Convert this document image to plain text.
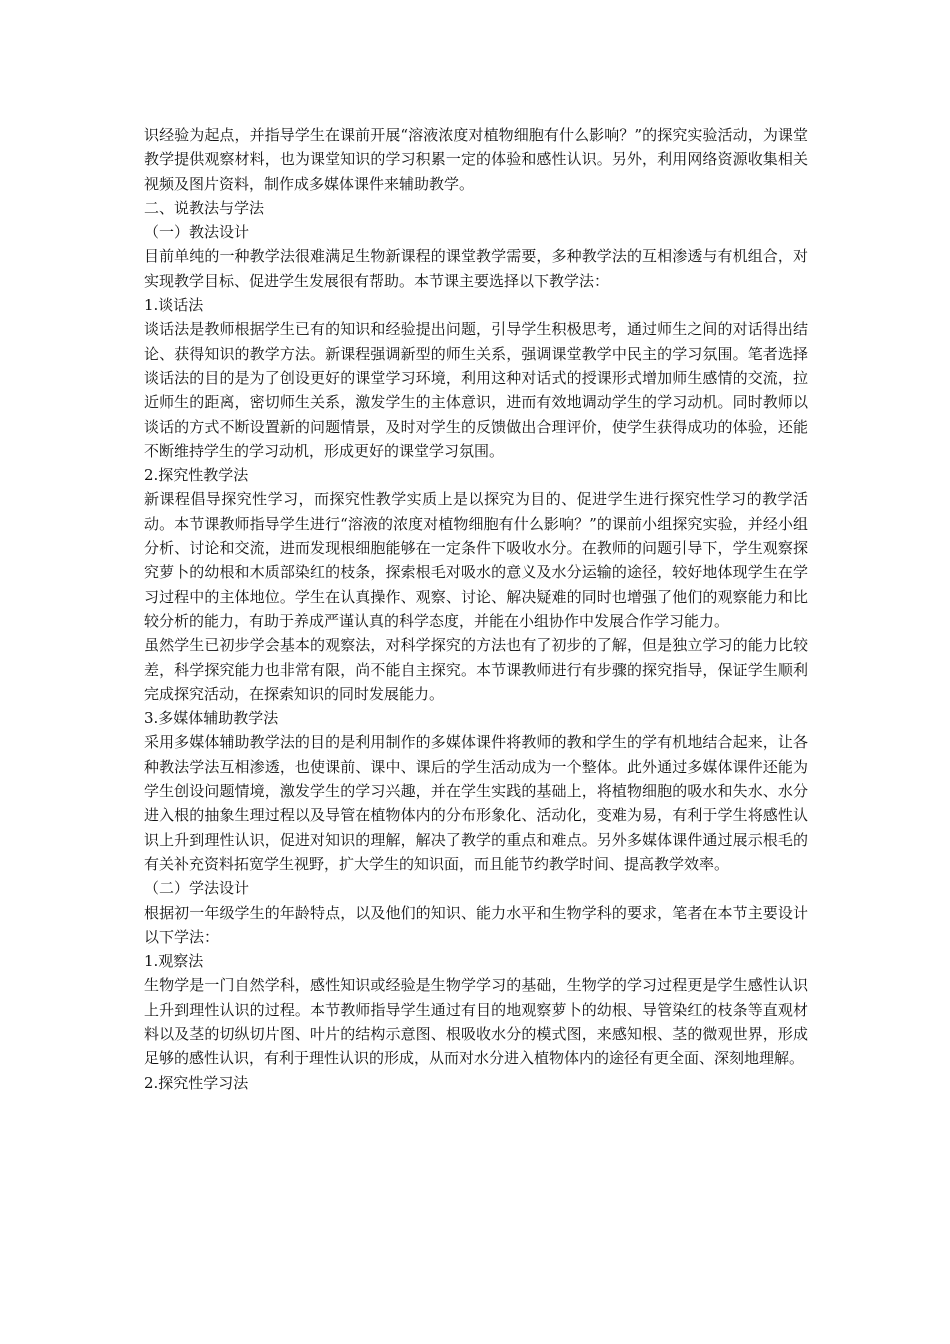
识经验为起点，并指导学生在课前开展“溶液浓度对植物细胞有什么影响？”的探究实验活动，为课堂教学提供观察材料，也为课堂知识的学习积累一定的体验和感性认识。另外，利用网络资源收集相关视频及图片资料，制作成多媒体课件来辅助教学。

二、说教法与学法

（一）教法设计

目前单纯的一种教学法很难满足生物新课程的课堂教学需要，多种教学法的互相渗透与有机组合，对实现教学目标、促进学生发展很有帮助。本节课主要选择以下教学法：

1.谈话法

谈话法是教师根据学生已有的知识和经验提出问题，引导学生积极思考，通过师生之间的对话得出结论、获得知识的教学方法。新课程强调新型的师生关系，强调课堂教学中民主的学习氛围。笔者选择谈话法的目的是为了创设更好的课堂学习环境，利用这种对话式的授课形式增加师生感情的交流，拉近师生的距离，密切师生关系，激发学生的主体意识，进而有效地调动学生的学习动机。同时教师以谈话的方式不断设置新的问题情景，及时对学生的反馈做出合理评价，使学生获得成功的体验，还能不断维持学生的学习动机，形成更好的课堂学习氛围。

2.探究性教学法

新课程倡导探究性学习，而探究性教学实质上是以探究为目的、促进学生进行探究性学习的教学活动。本节课教师指导学生进行“溶液的浓度对植物细胞有什么影响？”的课前小组探究实验，并经小组分析、讨论和交流，进而发现根细胞能够在一定条件下吸收水分。在教师的问题引导下，学生观察探究萝卜的幼根和木质部染红的枝条，探索根毛对吸水的意义及水分运输的途径，较好地体现学生在学习过程中的主体地位。学生在认真操作、观察、讨论、解决疑难的同时也增强了他们的观察能力和比较分析的能力，有助于养成严谨认真的科学态度，并能在小组协作中发展合作学习能力。

虽然学生已初步学会基本的观察法，对科学探究的方法也有了初步的了解，但是独立学习的能力比较差，科学探究能力也非常有限，尚不能自主探究。本节课教师进行有步骤的探究指导，保证学生顺利完成探究活动，在探索知识的同时发展能力。

3.多媒体辅助教学法

采用多媒体辅助教学法的目的是利用制作的多媒体课件将教师的教和学生的学有机地结合起来，让各种教法学法互相渗透，也使课前、课中、课后的学生活动成为一个整体。此外通过多媒体课件还能为学生创设问题情境，激发学生的学习兴趣，并在学生实践的基础上，将植物细胞的吸水和失水、水分进入根的抽象生理过程以及导管在植物体内的分布形象化、活动化，变难为易，有利于学生将感性认识上升到理性认识，促进对知识的理解，解决了教学的重点和难点。另外多媒体课件通过展示根毛的有关补充资料拓宽学生视野，扩大学生的知识面，而且能节约教学时间、提高教学效率。

（二）学法设计

根据初一年级学生的年龄特点，以及他们的知识、能力水平和生物学科的要求，笔者在本节主要设计以下学法：

1.观察法

生物学是一门自然学科，感性知识或经验是生物学学习的基础，生物学的学习过程更是学生感性认识上升到理性认识的过程。本节教师指导学生通过有目的地观察萝卜的幼根、导管染红的枝条等直观材料以及茎的切纵切片图、叶片的结构示意图、根吸收水分的模式图，来感知根、茎的微观世界，形成足够的感性认识，有利于理性认识的形成，从而对水分进入植物体内的途径有更全面、深刻地理解。

2.探究性学习法
